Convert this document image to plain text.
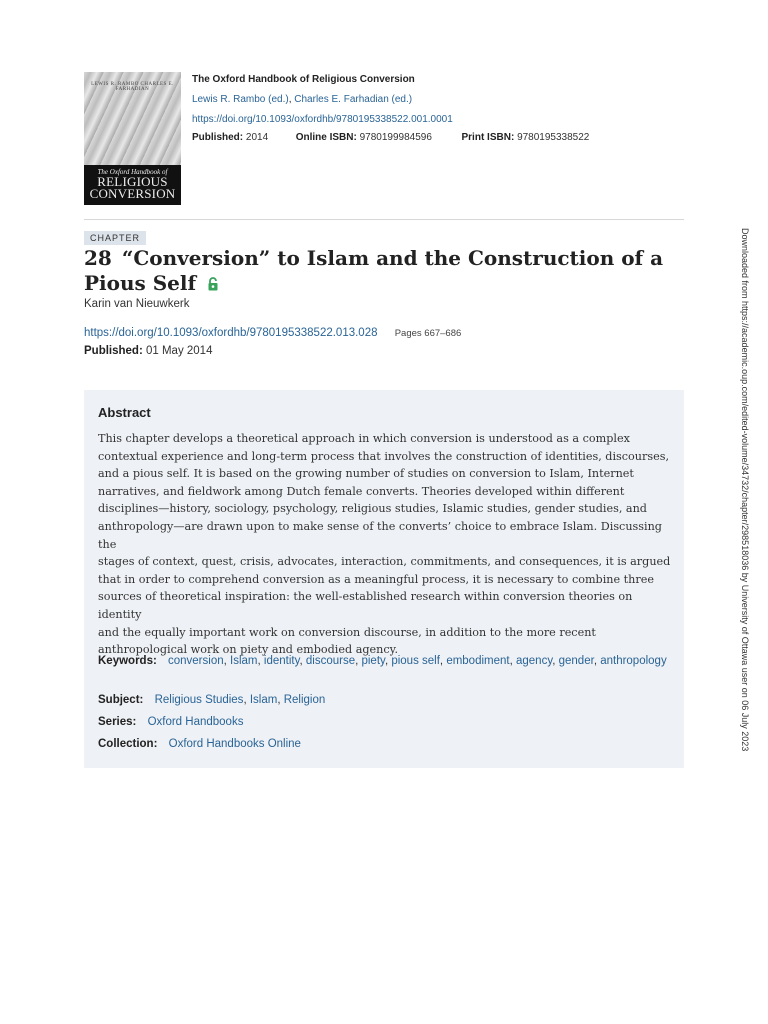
LEWIS R. RAMBO CHARLES E. FARHADIAN
The Oxford Handbook of
RELIGIOUS
CONVERSION
The Oxford Handbook of Religious Conversion
Lewis R. Rambo (ed.), Charles E. Farhadian (ed.)
https://doi.org/10.1093/oxfordhb/9780195338522.001.0001
Published: 2014	Online ISBN: 9780199984596	Print ISBN: 9780195338522
CHAPTER
28 “Conversion” to Islam and the Construction of a Pious Self
Karin van Nieuwkerk
https://doi.org/10.1093/oxfordhb/9780195338522.013.028 Pages 667–686
Published: 01 May 2014
Abstract
This chapter develops a theoretical approach in which conversion is understood as a complex
contextual experience and long-term process that involves the construction of identities, discourses,
and a pious self. It is based on the growing number of studies on conversion to Islam, Internet
narratives, and fieldwork among Dutch female converts. Theories developed within different
disciplines—history, sociology, psychology, religious studies, Islamic studies, gender studies, and
anthropology—are drawn upon to make sense of the converts’ choice to embrace Islam. Discussing the
stages of context, quest, crisis, advocates, interaction, commitments, and consequences, it is argued
that in order to comprehend conversion as a meaningful process, it is necessary to combine three
sources of theoretical inspiration: the well-established research within conversion theories on identity
and the equally important work on conversion discourse, in addition to the more recent
anthropological work on piety and embodied agency.
Keywords: conversion, Islam, identity, discourse, piety, pious self, embodiment, agency, gender, anthropology
Subject: Religious Studies, Islam, Religion
Series: Oxford Handbooks
Collection: Oxford Handbooks Online	Downloaded from https://academic.oup.com/edited-volume/34732/chapter/298518036 by University of Ottawa user on 06 July 2023
